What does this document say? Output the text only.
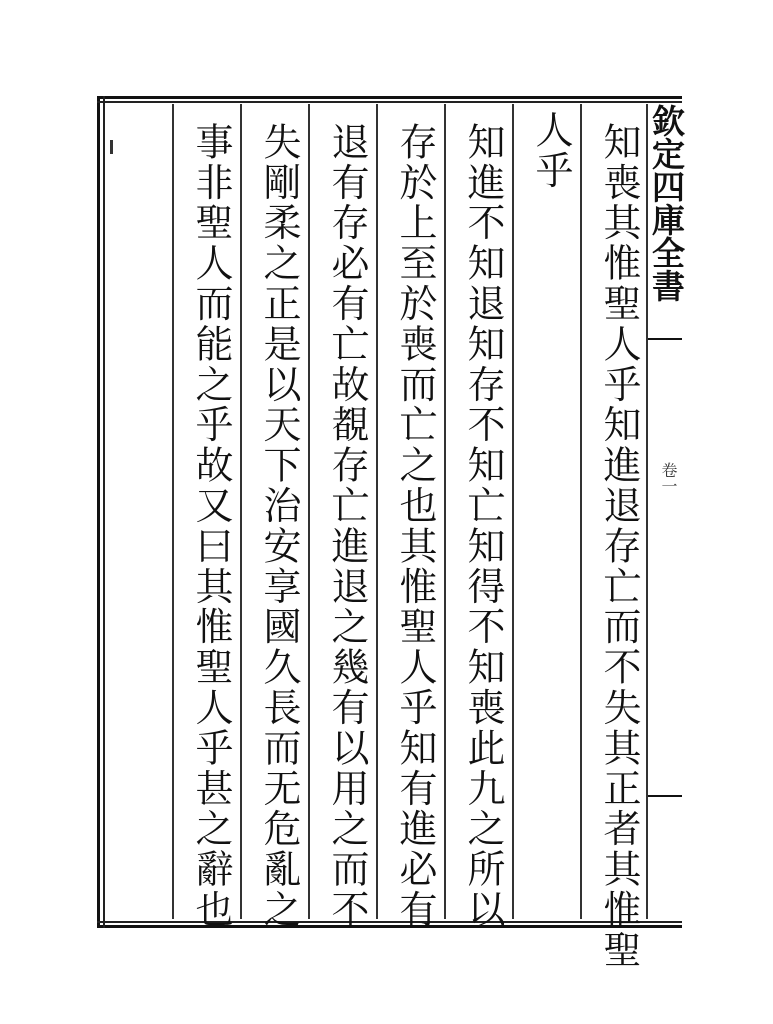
知喪其惟聖人乎知進退存亡而不失其正者其惟聖

人乎

知進不知退知存不知亡知得不知喪此九之所以

存於上至於喪而亡之也其惟聖人乎知有進必有

退有存必有亡故覩存亡進退之幾有以用之而不

失剛柔之正是以天下治安享國久長而无危亂之

事非聖人而能之乎故又曰其惟聖人乎甚之辭也	欽定四庫全書
卷一
